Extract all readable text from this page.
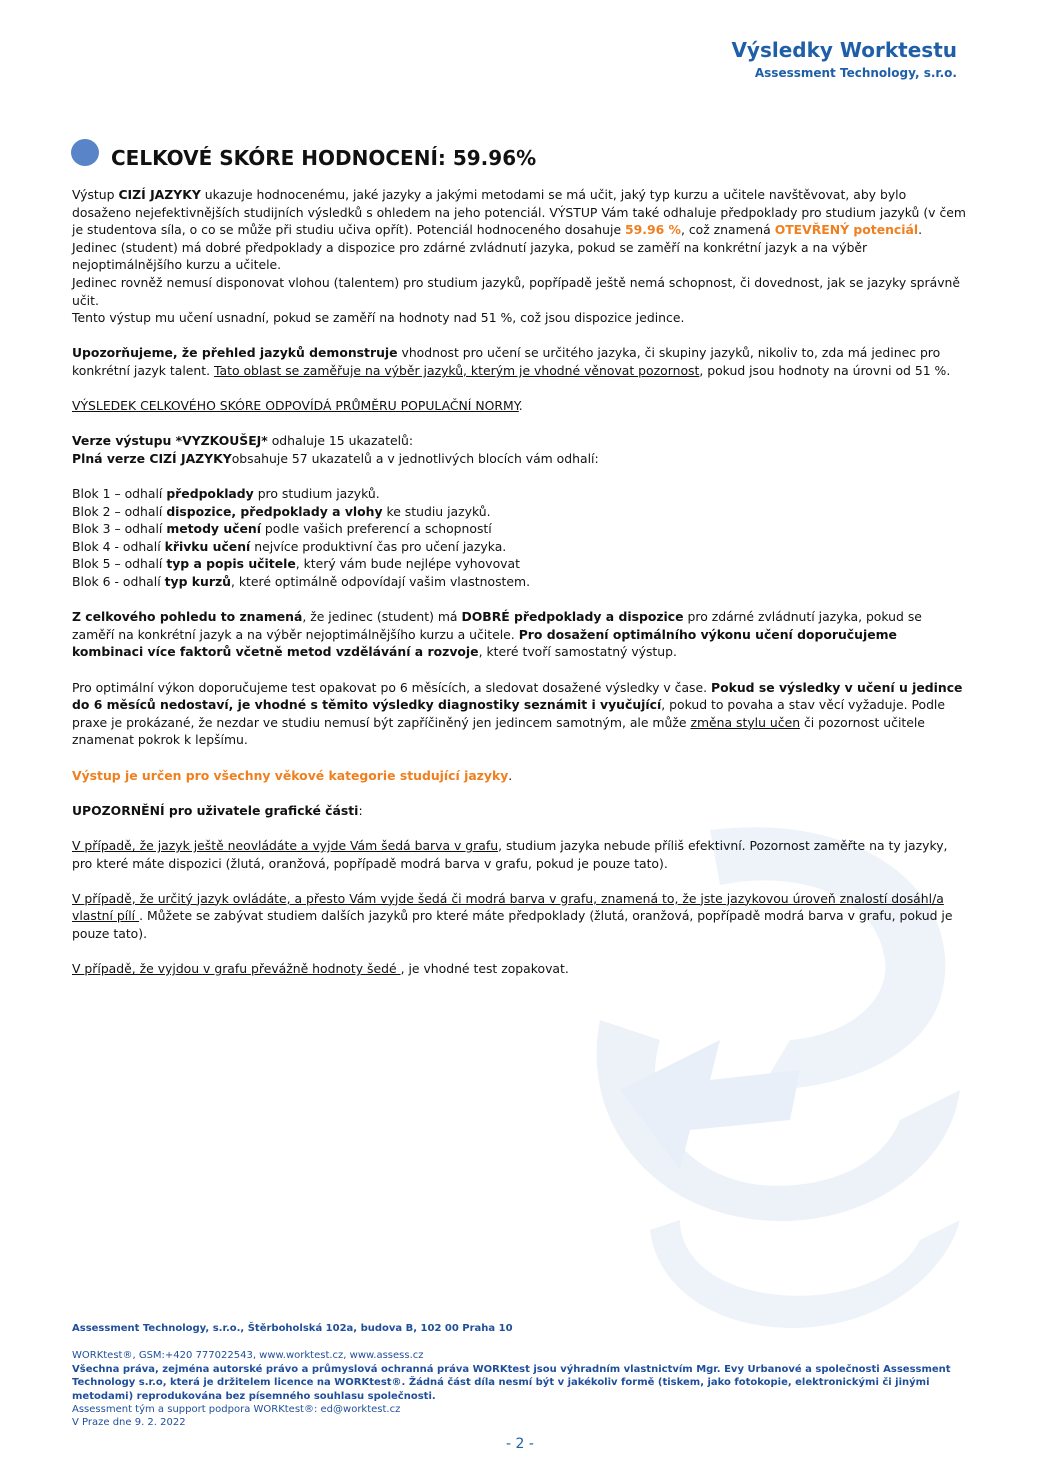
Výsledky Worktestu
Assessment Technology, s.r.o.
CELKOVÉ SKÓRE HODNOCENÍ: 59.96%

Výstup CIZÍ JAZYKY ukazuje hodnocenému, jaké jazyky a jakými metodami se má učit, jaký typ kurzu a učitele navštěvovat, aby bylo dosaženo nejefektivnějších studijních výsledků s ohledem na jeho potenciál. VÝSTUP Vám také odhaluje předpoklady pro studium jazyků (v čem je studentova síla, o co se může při studiu učiva opřít). Potenciál hodnoceného dosahuje 59.96 %, což znamená OTEVŘENÝ potenciál. Jedinec (student) má dobré předpoklady a dispozice pro zdárné zvládnutí jazyka, pokud se zaměří na konkrétní jazyk a na výběr nejoptimálnějšího kurzu a učitele.
Jedinec rovněž nemusí disponovat vlohou (talentem) pro studium jazyků, popřípadě ještě nemá schopnost, či dovednost, jak se jazyky správně učit.
Tento výstup mu učení usnadní, pokud se zaměří na hodnoty nad 51 %, což jsou dispozice jedince.

Upozorňujeme, že přehled jazyků demonstruje vhodnost pro učení se určitého jazyka, či skupiny jazyků, nikoliv to, zda má jedinec pro konkrétní jazyk talent. Tato oblast se zaměřuje na výběr jazyků, kterým je vhodné věnovat pozornost, pokud jsou hodnoty na úrovni od 51 %.

VÝSLEDEK CELKOVÉHO SKÓRE ODPOVÍDÁ PRŮMĚRU POPULAČNÍ NORMY.

Verze výstupu *VYZKOUŠEJ* odhaluje 15 ukazatelů:
Plná verze CIZÍ JAZYKYobsahuje 57 ukazatelů a v jednotlivých blocích vám odhalí:

Blok 1 – odhalí předpoklady pro studium jazyků.
Blok 2 – odhalí dispozice, předpoklady a vlohy ke studiu jazyků.
Blok 3 – odhalí metody učení podle vašich preferencí a schopností
Blok 4 - odhalí křivku učení nejvíce produktivní čas pro učení jazyka.
Blok 5 – odhalí typ a popis učitele, který vám bude nejlépe vyhovovat
Blok 6 - odhalí typ kurzů, které optimálně odpovídají vašim vlastnostem.

Z celkového pohledu to znamená, že jedinec (student) má DOBRÉ předpoklady a dispozice pro zdárné zvládnutí jazyka, pokud se zaměří na konkrétní jazyk a na výběr nejoptimálnějšího kurzu a učitele. Pro dosažení optimálního výkonu učení doporučujeme kombinaci více faktorů včetně metod vzdělávání a rozvoje, které tvoří samostatný výstup.

Pro optimální výkon doporučujeme test opakovat po 6 měsících, a sledovat dosažené výsledky v čase. Pokud se výsledky v učení u jedince do 6 měsíců nedostaví, je vhodné s těmito výsledky diagnostiky seznámit i vyučující, pokud to povaha a stav věcí vyžaduje. Podle praxe je prokázané, že nezdar ve studiu nemusí být zapříčiněný jen jedincem samotným, ale může změna stylu učen či pozornost učitele znamenat pokrok k lepšímu.

Výstup je určen pro všechny věkové kategorie studující jazyky.

UPOZORNĚNÍ pro uživatele grafické části:

V případě, že jazyk ještě neovládáte a vyjde Vám šedá barva v grafu, studium jazyka nebude příliš efektivní. Pozornost zaměřte na ty jazyky, pro které máte dispozici (žlutá, oranžová, popřípadě modrá barva v grafu, pokud je pouze tato).

V případě, že určitý jazyk ovládáte, a přesto Vám vyjde šedá či modrá barva v grafu, znamená to, že jste jazykovou úroveň znalostí dosáhl/a vlastní pílí . Můžete se zabývat studiem dalších jazyků pro které máte předpoklady (žlutá, oranžová, popřípadě modrá barva v grafu, pokud je pouze tato).

V případě, že vyjdou v grafu převážně hodnoty šedé , je vhodné test zopakovat.

Assessment Technology, s.r.o., Štěrboholská 102a, budova B, 102 00 Praha 10
WORKtest®, GSM:+420 777022543, www.worktest.cz, www.assess.cz
Všechna práva, zejména autorské právo a průmyslová ochranná práva WORKtest jsou výhradním vlastnictvím Mgr. Evy Urbanové a společnosti Assessment Technology s.r.o, která je držitelem licence na WORKtest®. Žádná část díla nesmí být v jakékoliv formě (tiskem, jako fotokopie, elektronickými či jinými metodami) reprodukována bez písemného souhlasu společnosti.
Assessment tým a support podpora WORKtest®: ed@worktest.cz
V Praze dne 9. 2. 2022
- 2 -
